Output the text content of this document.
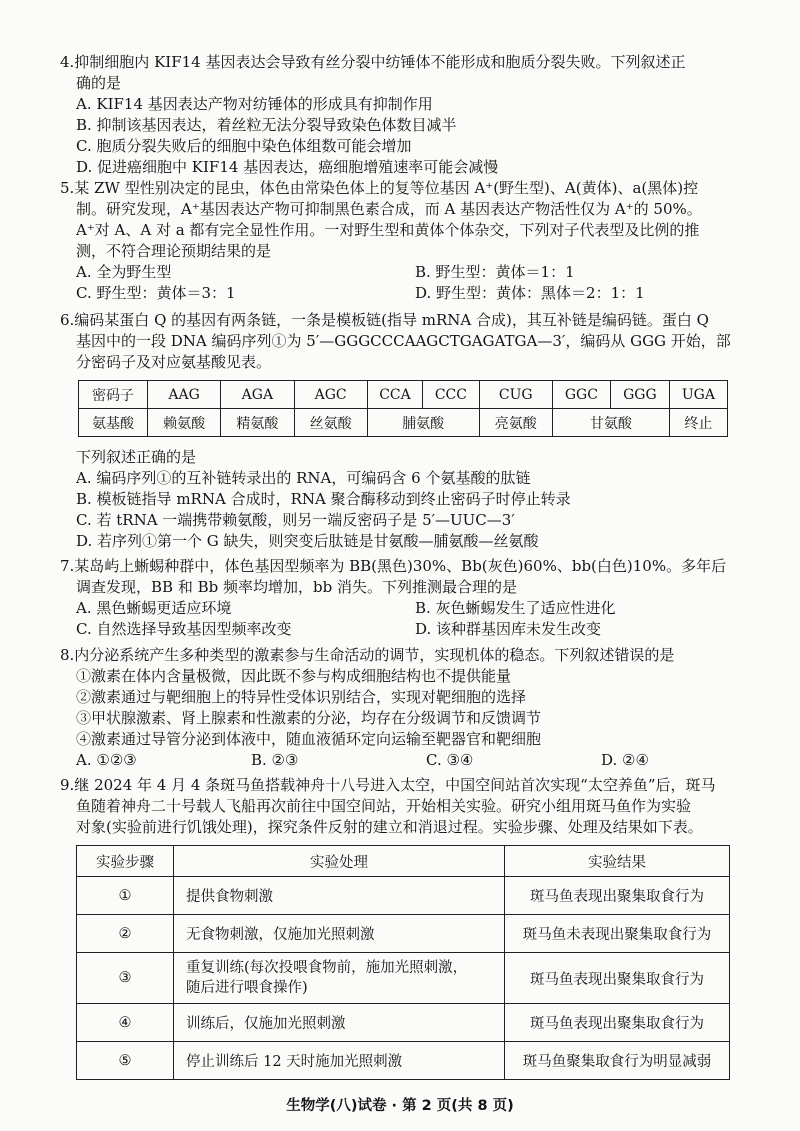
4.抑制细胞内 KIF14 基因表达会导致有丝分裂中纺锤体不能形成和胞质分裂失败。下列叙述正
确的是
A. KIF14 基因表达产物对纺锤体的形成具有抑制作用
B. 抑制该基因表达，着丝粒无法分裂导致染色体数目减半
C. 胞质分裂失败后的细胞中染色体组数可能会增加
D. 促进癌细胞中 KIF14 基因表达，癌细胞增殖速率可能会减慢
5.某 ZW 型性别决定的昆虫，体色由常染色体上的复等位基因 A⁺(野生型)、A(黄体)、a(黑体)控
制。研究发现，A⁺基因表达产物可抑制黑色素合成，而 A 基因表达产物活性仅为 A⁺的 50%。
A⁺对 A、A 对 a 都有完全显性作用。一对野生型和黄体个体杂交，下列对子代表型及比例的推
测，不符合理论预期结果的是
A. 全为野生型	B. 野生型：黄体＝1：1
C. 野生型：黄体＝3：1	D. 野生型：黄体：黑体＝2：1：1
6.编码某蛋白 Q 的基因有两条链，一条是模板链(指导 mRNA 合成)，其互补链是编码链。蛋白 Q
基因中的一段 DNA 编码序列①为 5′—GGGCCCAAGCTGAGATGA—3′，编码从 GGG 开始，部
分密码子及对应氨基酸见表。
密码子	AAG	AGA	AGC	CCA	CCC	CUG	GGC	GGG	UGA
氨基酸	赖氨酸	精氨酸	丝氨酸	脯氨酸		亮氨酸	甘氨酸		终止
下列叙述正确的是
A. 编码序列①的互补链转录出的 RNA，可编码含 6 个氨基酸的肽链
B. 模板链指导 mRNA 合成时，RNA 聚合酶移动到终止密码子时停止转录
C. 若 tRNA 一端携带赖氨酸，则另一端反密码子是 5′—UUC—3′
D. 若序列①第一个 G 缺失，则突变后肽链是甘氨酸—脯氨酸—丝氨酸
7.某岛屿上蜥蜴种群中，体色基因型频率为 BB(黑色)30%、Bb(灰色)60%、bb(白色)10%。多年后
调查发现，BB 和 Bb 频率均增加，bb 消失。下列推测最合理的是
A. 黑色蜥蜴更适应环境	B. 灰色蜥蜴发生了适应性进化
C. 自然选择导致基因型频率改变	D. 该种群基因库未发生改变
8.内分泌系统产生多种类型的激素参与生命活动的调节，实现机体的稳态。下列叙述错误的是
①激素在体内含量极微，因此既不参与构成细胞结构也不提供能量
②激素通过与靶细胞上的特异性受体识别结合，实现对靶细胞的选择
③甲状腺激素、肾上腺素和性激素的分泌，均存在分级调节和反馈调节
④激素通过导管分泌到体液中，随血液循环定向运输至靶器官和靶细胞
A. ①②③	B. ②③	C. ③④	D. ②④
9.继 2024 年 4 月 4 条斑马鱼搭载神舟十八号进入太空，中国空间站首次实现“太空养鱼”后，斑马
鱼随着神舟二十号载人飞船再次前往中国空间站，开始相关实验。研究小组用斑马鱼作为实验
对象(实验前进行饥饿处理)，探究条件反射的建立和消退过程。实验步骤、处理及结果如下表。
实验步骤	实验处理	实验结果
①	提供食物刺激	斑马鱼表现出聚集取食行为
②	无食物刺激，仅施加光照刺激	斑马鱼未表现出聚集取食行为
③	重复训练(每次投喂食物前，施加光照刺激，
随后进行喂食操作)	斑马鱼表现出聚集取食行为
④	训练后，仅施加光照刺激	斑马鱼表现出聚集取食行为
⑤	停止训练后 12 天时施加光照刺激	斑马鱼聚集取食行为明显减弱
生物学(八)试卷 · 第 2 页(共 8 页)
